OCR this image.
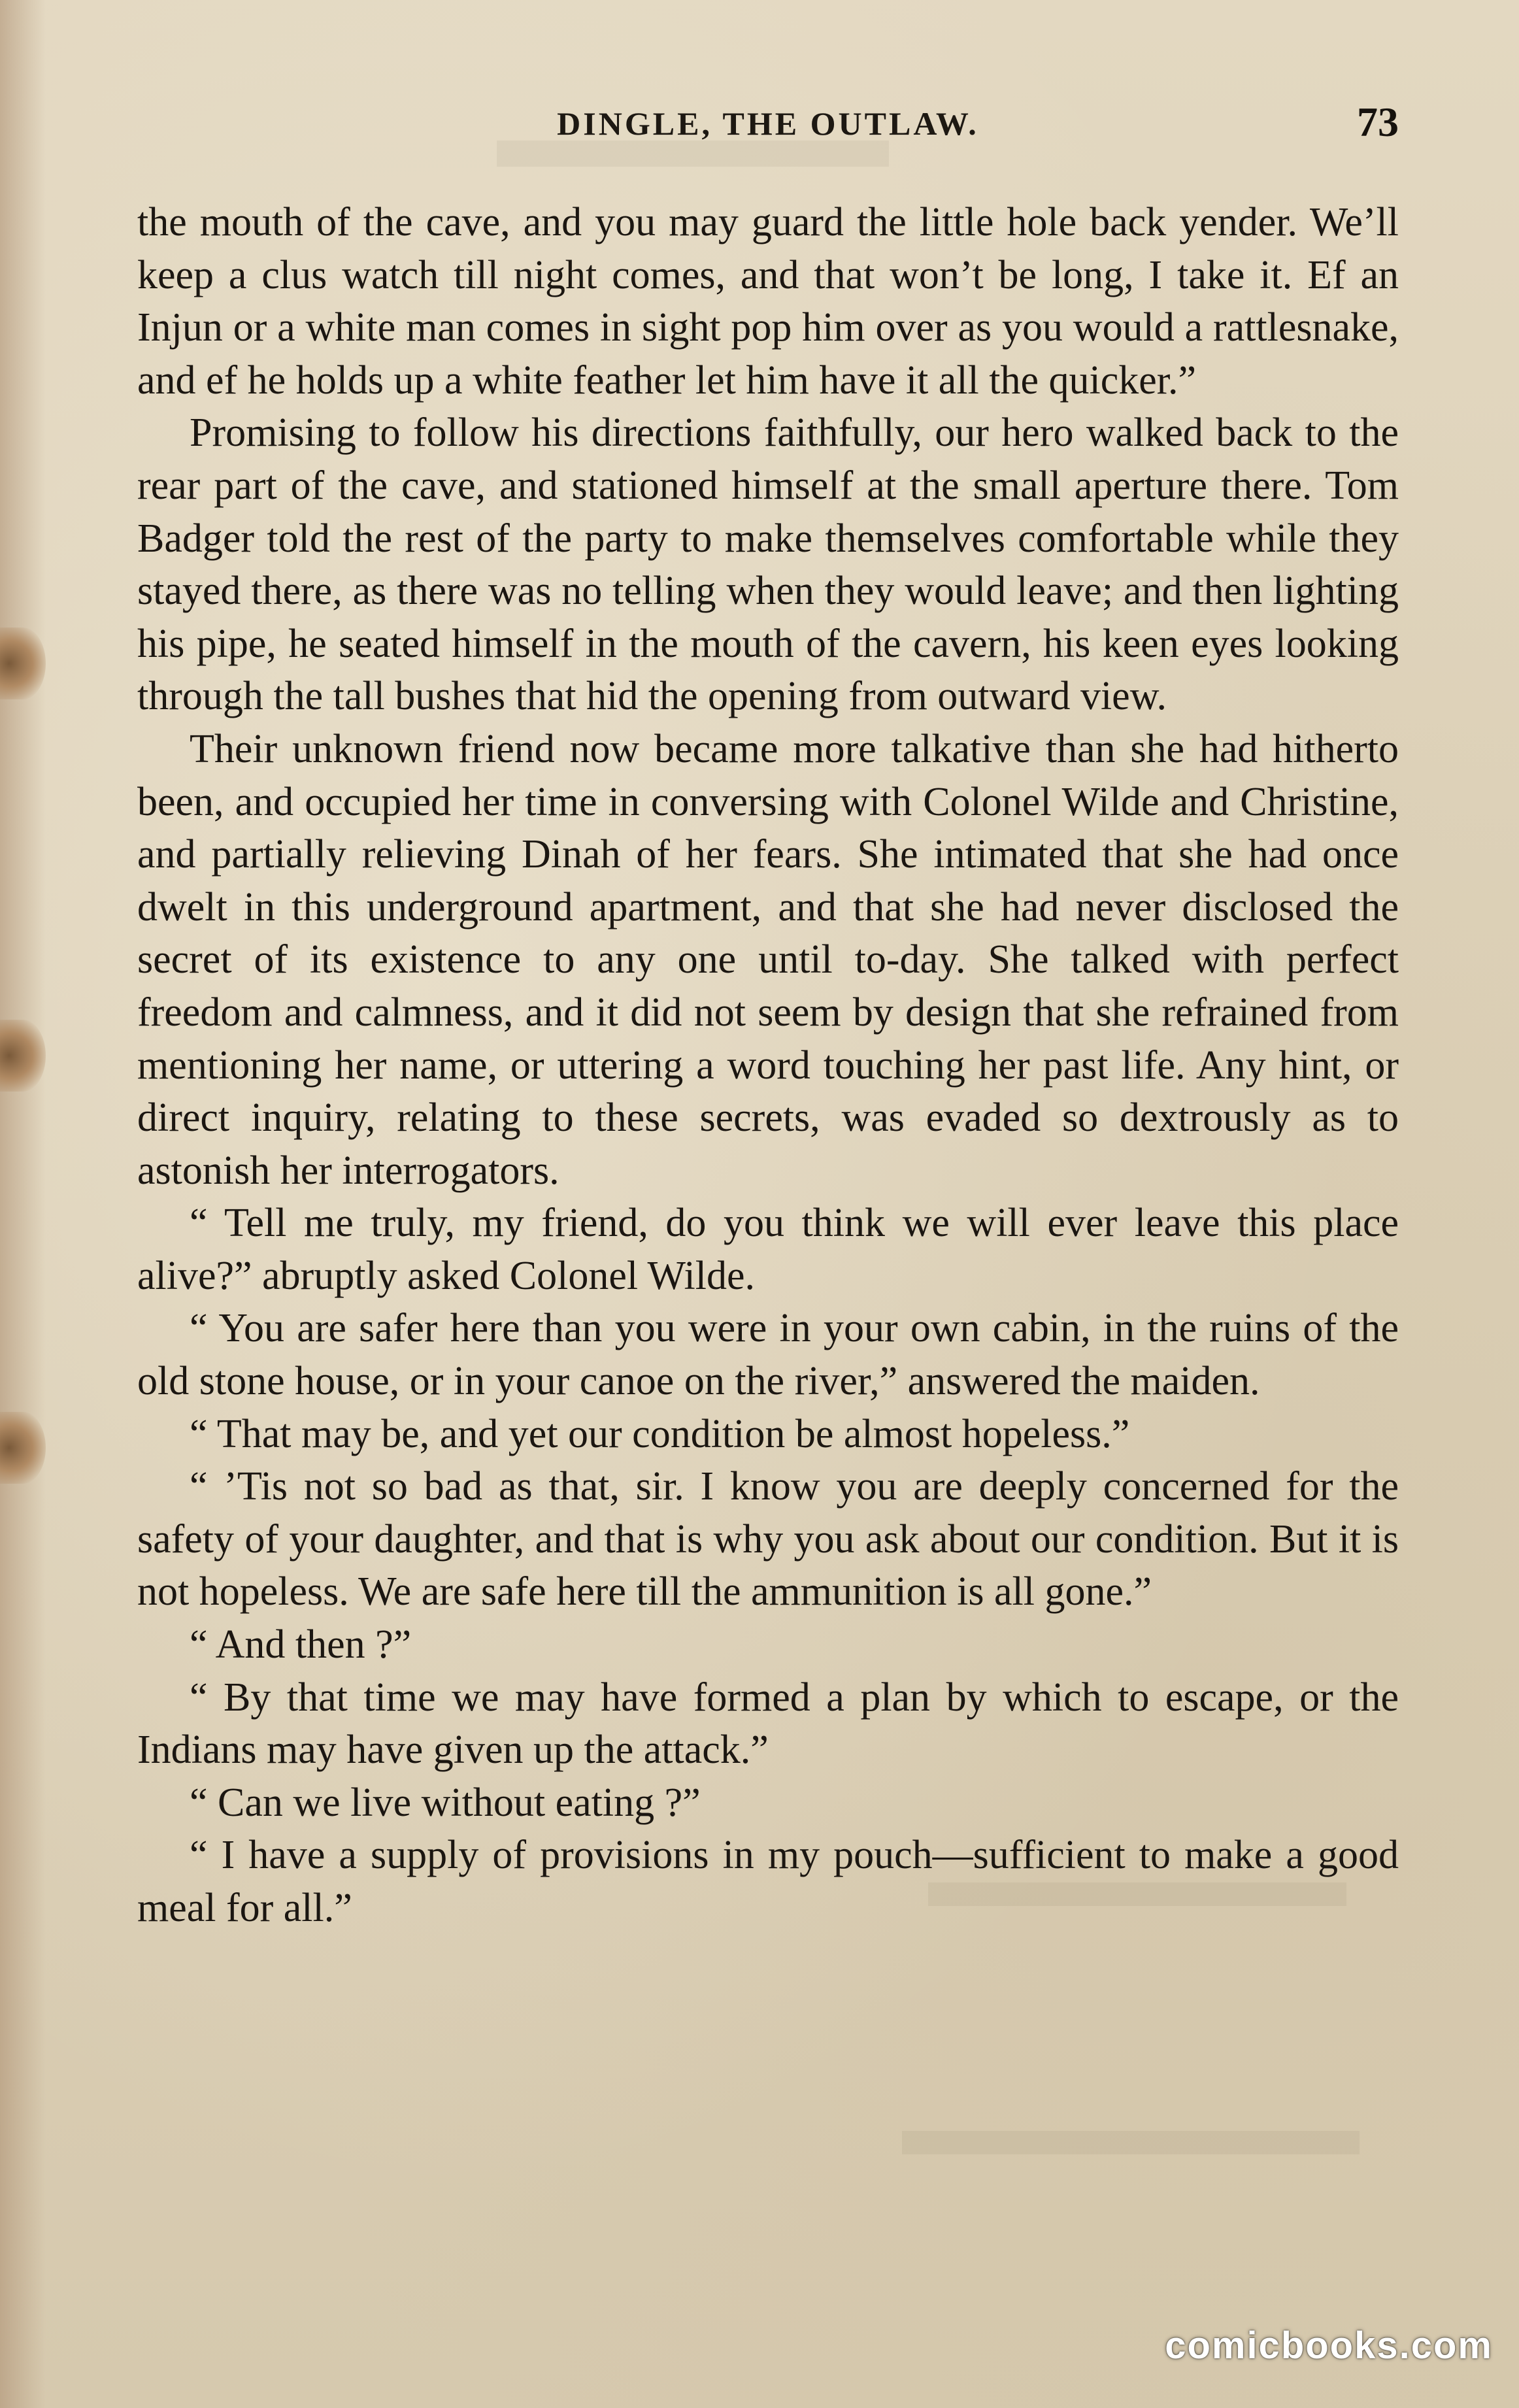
DINGLE, THE OUTLAW.	73

the mouth of the cave, and you may guard the little hole back yender. We’ll keep a clus watch till night comes, and that won’t be long, I take it. Ef an Injun or a white man comes in sight pop him over as you would a rattlesnake, and ef he holds up a white feather let him have it all the quicker.”

Promising to follow his directions faithfully, our hero walked back to the rear part of the cave, and stationed himself at the small aperture there. Tom Badger told the rest of the party to make themselves comfortable while they stayed there, as there was no telling when they would leave; and then lighting his pipe, he seated himself in the mouth of the cavern, his keen eyes looking through the tall bushes that hid the opening from outward view.

Their unknown friend now became more talkative than she had hitherto been, and occupied her time in conversing with Colonel Wilde and Christine, and partially relieving Dinah of her fears. She intimated that she had once dwelt in this underground apartment, and that she had never disclosed the secret of its existence to any one until to-day. She talked with perfect freedom and calmness, and it did not seem by design that she refrained from mentioning her name, or uttering a word touching her past life. Any hint, or direct inquiry, relating to these secrets, was evaded so dextrously as to astonish her interrogators.

“ Tell me truly, my friend, do you think we will ever leave this place alive?” abruptly asked Colonel Wilde.

“ You are safer here than you were in your own cabin, in the ruins of the old stone house, or in your canoe on the river,” answered the maiden.

“ That may be, and yet our condition be almost hopeless.”

“ ’Tis not so bad as that, sir. I know you are deeply concerned for the safety of your daughter, and that is why you ask about our condition. But it is not hopeless. We are safe here till the ammunition is all gone.”

“ And then ?”

“ By that time we may have formed a plan by which to escape, or the Indians may have given up the attack.”

“ Can we live without eating ?”

“ I have a supply of provisions in my pouch—sufficient to make a good meal for all.”

comicbooks.com
